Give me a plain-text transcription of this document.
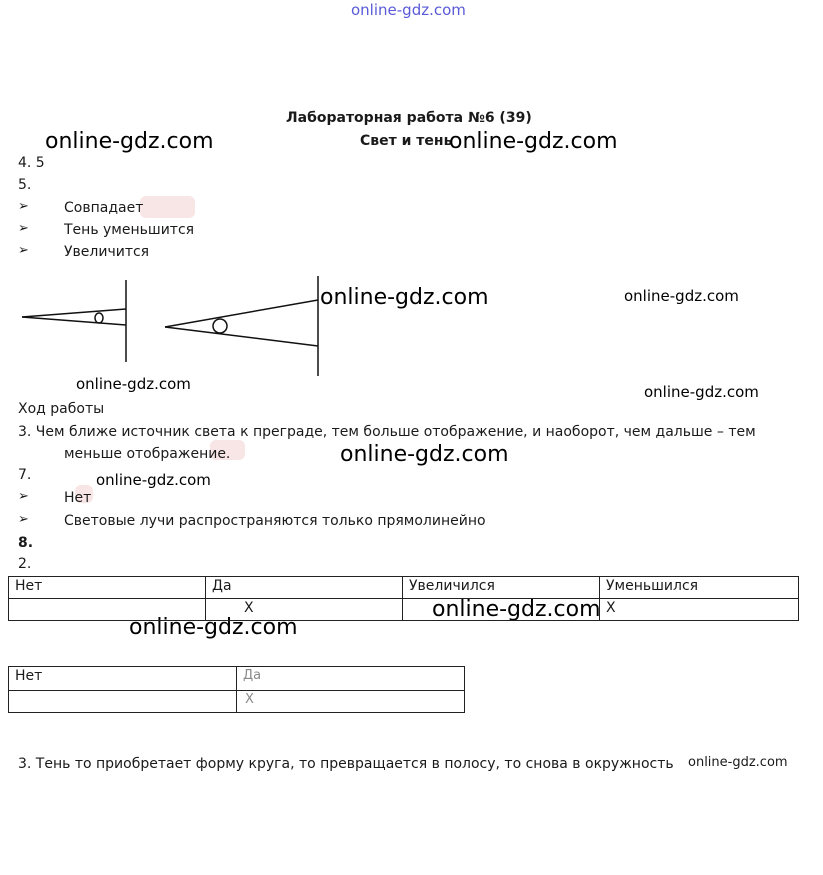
online-gdz.com
Лабораторная работа №6 (39)
Свет и тень
online-gdz.com	online-gdz.com
online-gdz.com	online-gdz.com
online-gdz.com	online-gdz.com
online-gdz.com
online-gdz.com
online-gdz.com
online-gdz.com
online-gdz.com
4. 5
5.
➢	Совпадает
➢	Тень уменьшится
➢	Увеличится
Ход работы
3. Чем ближе источник света к преграде, тем больше отображение, и наоборот, чем дальше – тем
меньше отображение.
7.
➢	Нет
➢	Световые лучи распространяются только прямолинейно
8.
2.
Нет	Да	Увеличился	Уменьшился
	X		X
Нет	Да
	X
3. Тень то приобретает форму круга, то превращается в полосу, то снова в окружность
